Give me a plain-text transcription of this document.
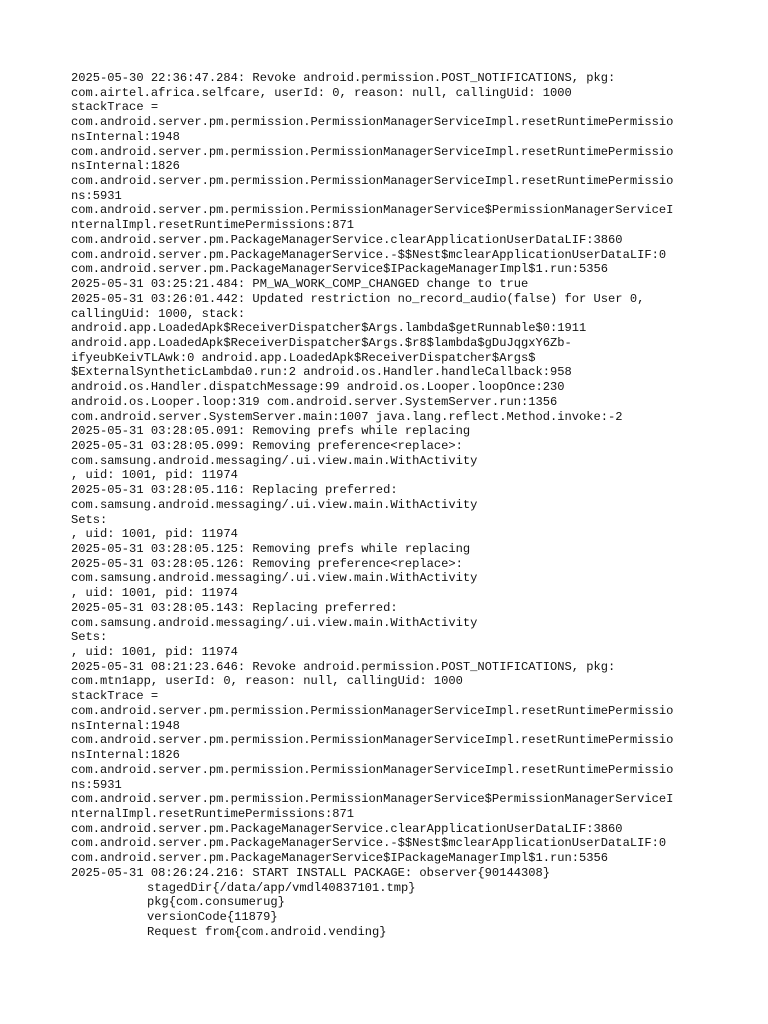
2025-05-30 22:36:47.284: Revoke android.permission.POST_NOTIFICATIONS, pkg:
com.airtel.africa.selfcare, userId: 0, reason: null, callingUid: 1000
stackTrace =
com.android.server.pm.permission.PermissionManagerServiceImpl.resetRuntimePermissio
nsInternal:1948
com.android.server.pm.permission.PermissionManagerServiceImpl.resetRuntimePermissio
nsInternal:1826
com.android.server.pm.permission.PermissionManagerServiceImpl.resetRuntimePermissio
ns:5931
com.android.server.pm.permission.PermissionManagerService$PermissionManagerServiceI
nternalImpl.resetRuntimePermissions:871
com.android.server.pm.PackageManagerService.clearApplicationUserDataLIF:3860
com.android.server.pm.PackageManagerService.-$$Nest$mclearApplicationUserDataLIF:0
com.android.server.pm.PackageManagerService$IPackageManagerImpl$1.run:5356
2025-05-31 03:25:21.484: PM_WA_WORK_COMP_CHANGED change to true
2025-05-31 03:26:01.442: Updated restriction no_record_audio(false) for User 0,
callingUid: 1000, stack:
android.app.LoadedApk$ReceiverDispatcher$Args.lambda$getRunnable$0:1911
android.app.LoadedApk$ReceiverDispatcher$Args.$r8$lambda$gDuJqgxY6Zb-
ifyeubKeivTLAwk:0 android.app.LoadedApk$ReceiverDispatcher$Args$
$ExternalSyntheticLambda0.run:2 android.os.Handler.handleCallback:958
android.os.Handler.dispatchMessage:99 android.os.Looper.loopOnce:230
android.os.Looper.loop:319 com.android.server.SystemServer.run:1356
com.android.server.SystemServer.main:1007 java.lang.reflect.Method.invoke:-2
2025-05-31 03:28:05.091: Removing prefs while replacing
2025-05-31 03:28:05.099: Removing preference<replace>:
com.samsung.android.messaging/.ui.view.main.WithActivity
, uid: 1001, pid: 11974
2025-05-31 03:28:05.116: Replacing preferred:
com.samsung.android.messaging/.ui.view.main.WithActivity
Sets:
, uid: 1001, pid: 11974
2025-05-31 03:28:05.125: Removing prefs while replacing
2025-05-31 03:28:05.126: Removing preference<replace>:
com.samsung.android.messaging/.ui.view.main.WithActivity
, uid: 1001, pid: 11974
2025-05-31 03:28:05.143: Replacing preferred:
com.samsung.android.messaging/.ui.view.main.WithActivity
Sets:
, uid: 1001, pid: 11974
2025-05-31 08:21:23.646: Revoke android.permission.POST_NOTIFICATIONS, pkg:
com.mtn1app, userId: 0, reason: null, callingUid: 1000
stackTrace =
com.android.server.pm.permission.PermissionManagerServiceImpl.resetRuntimePermissio
nsInternal:1948
com.android.server.pm.permission.PermissionManagerServiceImpl.resetRuntimePermissio
nsInternal:1826
com.android.server.pm.permission.PermissionManagerServiceImpl.resetRuntimePermissio
ns:5931
com.android.server.pm.permission.PermissionManagerService$PermissionManagerServiceI
nternalImpl.resetRuntimePermissions:871
com.android.server.pm.PackageManagerService.clearApplicationUserDataLIF:3860
com.android.server.pm.PackageManagerService.-$$Nest$mclearApplicationUserDataLIF:0
com.android.server.pm.PackageManagerService$IPackageManagerImpl$1.run:5356
2025-05-31 08:26:24.216: START INSTALL PACKAGE: observer{90144308}
stagedDir{/data/app/vmdl40837101.tmp}
pkg{com.consumerug}
versionCode{11879}
Request from{com.android.vending}
